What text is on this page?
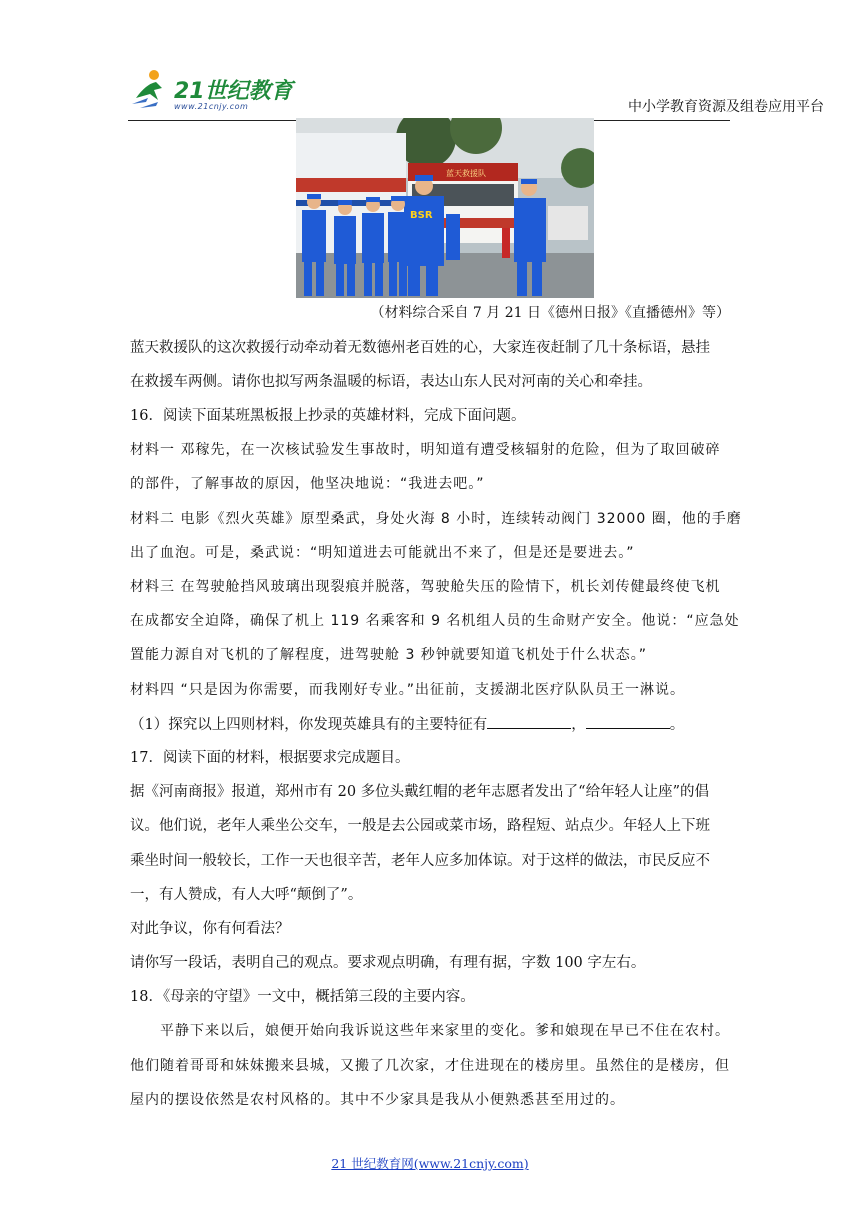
21世纪教育
www.21cnjy.com	中小学教育资源及组卷应用平台
蓝天救援队
BSR
（材料综合采自 7 月 21 日《德州日报》《直播德州》等）
蓝天救援队的这次救援行动牵动着无数德州老百姓的心，大家连夜赶制了几十条标语，悬挂
在救援车两侧。请你也拟写两条温暖的标语，表达山东人民对河南的关心和牵挂。
16．阅读下面某班黑板报上抄录的英雄材料，完成下面问题。
材料一 邓稼先，在一次核试验发生事故时，明知道有遭受核辐射的危险，但为了取回破碎
的部件，了解事故的原因，他坚决地说：“我进去吧。”
材料二 电影《烈火英雄》原型桑武，身处火海 8 小时，连续转动阀门 32000 圈，他的手磨
出了血泡。可是，桑武说：“明知道进去可能就出不来了，但是还是要进去。”
材料三 在驾驶舱挡风玻璃出现裂痕并脱落，驾驶舱失压的险情下，机长刘传健最终使飞机
在成都安全迫降，确保了机上 119 名乘客和 9 名机组人员的生命财产安全。他说：“应急处
置能力源自对飞机的了解程度，进驾驶舱 3 秒钟就要知道飞机处于什么状态。”
材料四 “只是因为你需要，而我刚好专业。”出征前，支援湖北医疗队队员王一淋说。
（1）探究以上四则材料，你发现英雄具有的主要特征有	，	。
17．阅读下面的材料，根据要求完成题目。
据《河南商报》报道，郑州市有 20 多位头戴红帽的老年志愿者发出了“给年轻人让座”的倡
议。他们说，老年人乘坐公交车，一般是去公园或菜市场，路程短、站点少。年轻人上下班
乘坐时间一般较长，工作一天也很辛苦，老年人应多加体谅。对于这样的做法，市民反应不
一，有人赞成，有人大呼“颠倒了”。
对此争议，你有何看法？
请你写一段话，表明自己的观点。要求观点明确，有理有据，字数 100 字左右。
18．《母亲的守望》一文中，概括第三段的主要内容。
　　平静下来以后，娘便开始向我诉说这些年来家里的变化。爹和娘现在早已不住在农村。
他们随着哥哥和妹妹搬来县城，又搬了几次家，才住进现在的楼房里。虽然住的是楼房，但
屋内的摆设依然是农村风格的。其中不少家具是我从小便熟悉甚至用过的。
21 世纪教育网(www.21cnjy.com)
